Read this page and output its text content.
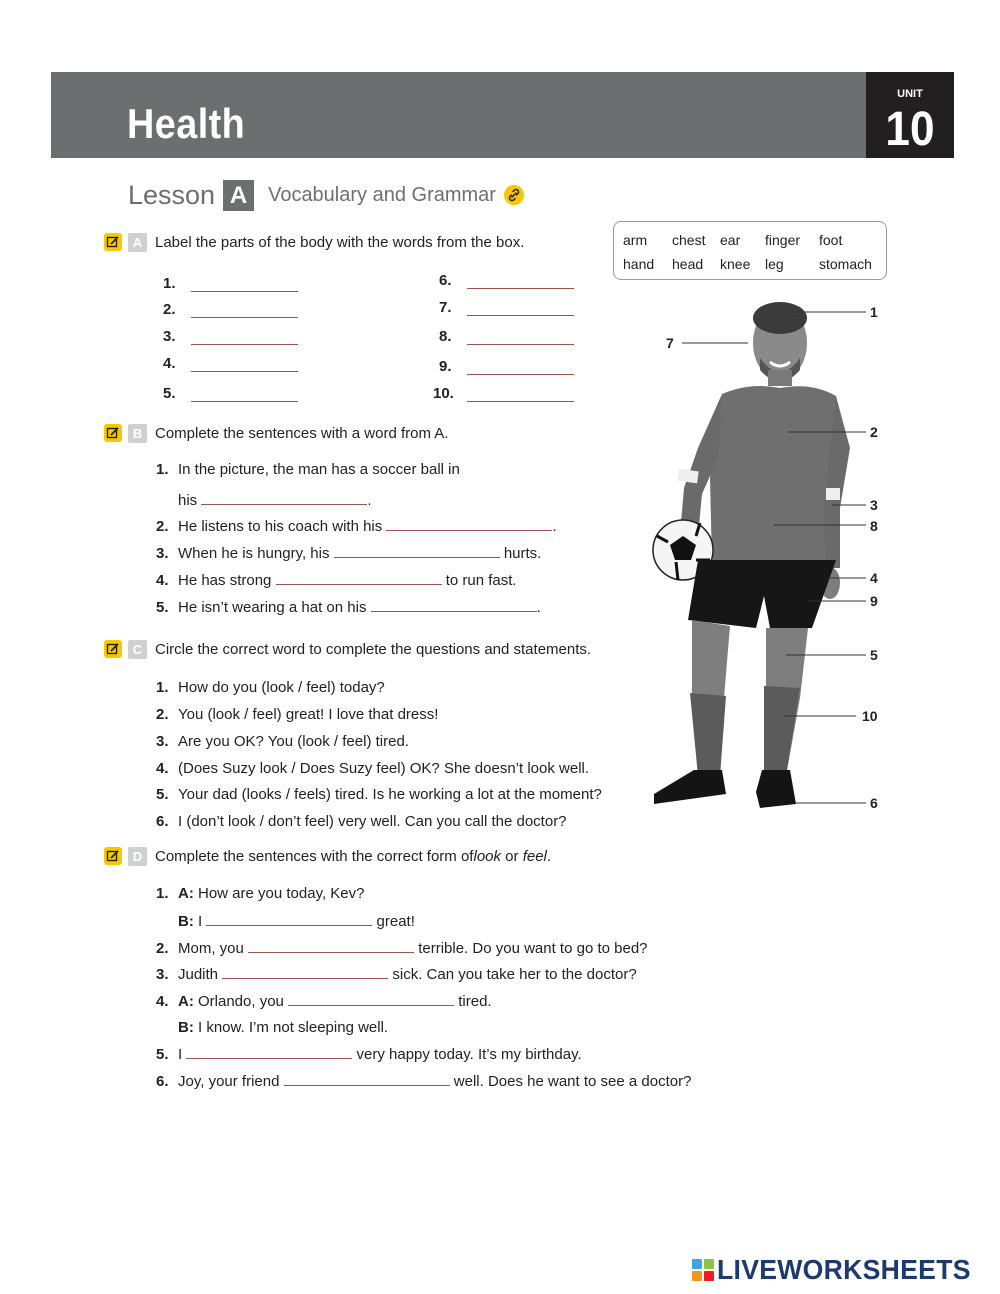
Health
UNIT
10
Lesson A	Vocabulary and Grammar
A Label the parts of the body with the words from the box.
1.
2.
3.
4.
5.
6.
7.
8.
9.
10.
arm chest ear finger foot
hand head knee leg	stomach
1
7
2
3
8
4
9
5
10
6
B Complete the sentences with a word from A.
1. In the picture, the man has a soccer ball in
his	.
2. He listens to his coach with his	.
3. When he is hungry, his	hurts.
4. He has strong	to run fast.
5. He isn’t wearing a hat on his	.
C Circle the correct word to complete the questions and statements.
1. How do you (look / feel) today?
2. You (look / feel) great! I love that dress!
3. Are you OK? You (look / feel) tired.
4. (Does Suzy look / Does Suzy feel) OK? She doesn’t look well.
5. Your dad (looks / feels) tired. Is he working a lot at the moment?
6. I (don’t look / don’t feel) very well. Can you call the doctor?
D Complete the sentences with the correct form of look or feel .
1. A: How are you today, Kev?
B: I	great!
2. Mom, you	terrible. Do you want to go to bed?
3. Judith	sick. Can you take her to the doctor?
4. A: Orlando, you	tired.
B: I know. I’m not sleeping well.
5. I	very happy today. It’s my birthday.
6. Joy, your friend	well. Does he want to see a doctor?
LIVEWORKSHEETS
